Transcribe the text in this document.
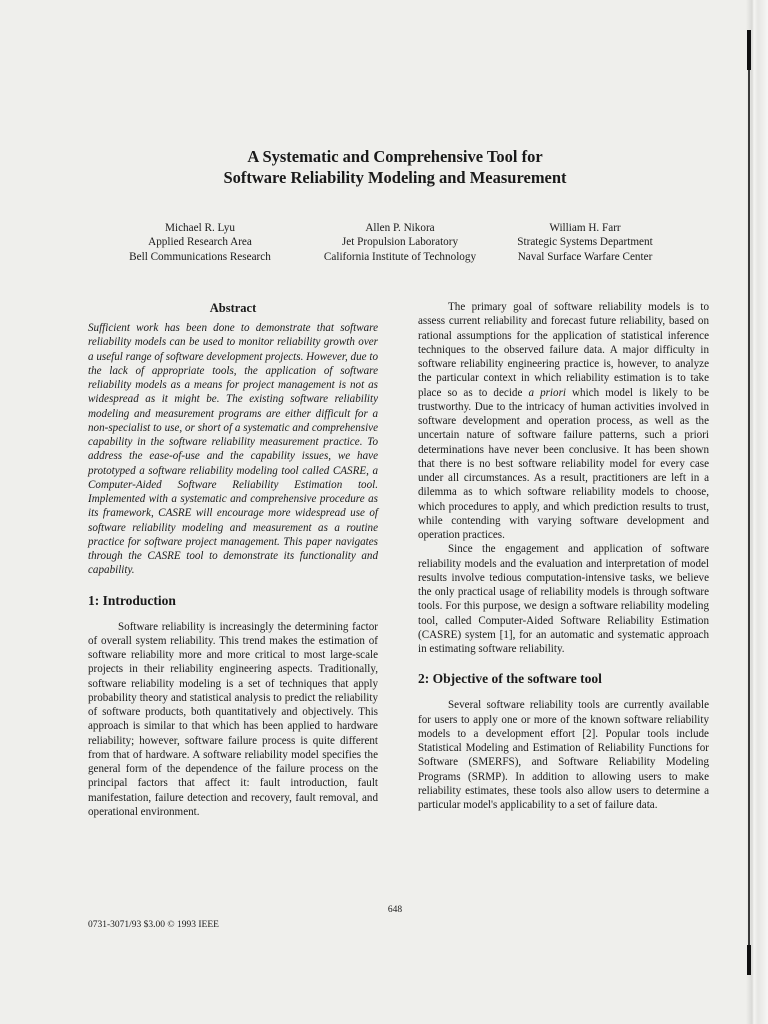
A Systematic and Comprehensive Tool for
Software Reliability Modeling and Measurement
Michael R. Lyu
Applied Research Area
Bell Communications Research
Allen P. Nikora
Jet Propulsion Laboratory
California Institute of Technology
William H. Farr
Strategic Systems Department
Naval Surface Warfare Center
Abstract

Sufficient work has been done to demonstrate that software reliability models can be used to monitor reliability growth over a useful range of software development projects. However, due to the lack of appropriate tools, the application of software reliability models as a means for project management is not as widespread as it might be. The existing software reliability modeling and measurement programs are either difficult for a non-specialist to use, or short of a systematic and comprehensive capability in the software reliability measurement practice. To address the ease-of-use and the capability issues, we have prototyped a software reliability modeling tool called CASRE, a Computer-Aided Software Reliability Estimation tool. Implemented with a systematic and comprehensive procedure as its framework, CASRE will encourage more widespread use of software reliability modeling and measurement as a routine practice for software project management. This paper navigates through the CASRE tool to demonstrate its functionality and capability.

1: Introduction

Software reliability is increasingly the determining factor of overall system reliability. This trend makes the estimation of software reliability more and more critical to most large-scale projects in their reliability engineering aspects. Traditionally, software reliability modeling is a set of techniques that apply probability theory and statistical analysis to predict the reliability of software products, both quantitatively and objectively. This approach is similar to that which has been applied to hardware reliability; however, software failure process is quite different from that of hardware. A software reliability model specifies the general form of the dependence of the failure process on the principal factors that affect it: fault introduction, fault manifestation, failure detection and recovery, fault removal, and operational environment.

The primary goal of software reliability models is to assess current reliability and forecast future reliability, based on rational assumptions for the application of statistical inference techniques to the observed failure data. A major difficulty in software reliability engineering practice is, however, to analyze the particular context in which reliability estimation is to take place so as to decide a priori which model is likely to be trustworthy. Due to the intricacy of human activities involved in software development and operation process, as well as the uncertain nature of software failure patterns, such a priori determinations have never been conclusive. It has been shown that there is no best software reliability model for every case under all circumstances. As a result, practitioners are left in a dilemma as to which software reliability models to choose, which procedures to apply, and which prediction results to trust, while contending with varying software development and operation practices.

Since the engagement and application of software reliability models and the evaluation and interpretation of model results involve tedious computation-intensive tasks, we believe the only practical usage of reliability models is through software tools. For this purpose, we design a software reliability modeling tool, called Computer-Aided Software Reliability Estimation (CASRE) system [1], for an automatic and systematic approach in estimating software reliability.

2: Objective of the software tool

Several software reliability tools are currently available for users to apply one or more of the known software reliability models to a development effort [2]. Popular tools include Statistical Modeling and Estimation of Reliability Functions for Software (SMERFS), and Software Reliability Modeling Programs (SRMP). In addition to allowing users to make reliability estimates, these tools also allow users to determine a particular model's applicability to a set of failure data.

648
0731-3071/93 $3.00 © 1993 IEEE
